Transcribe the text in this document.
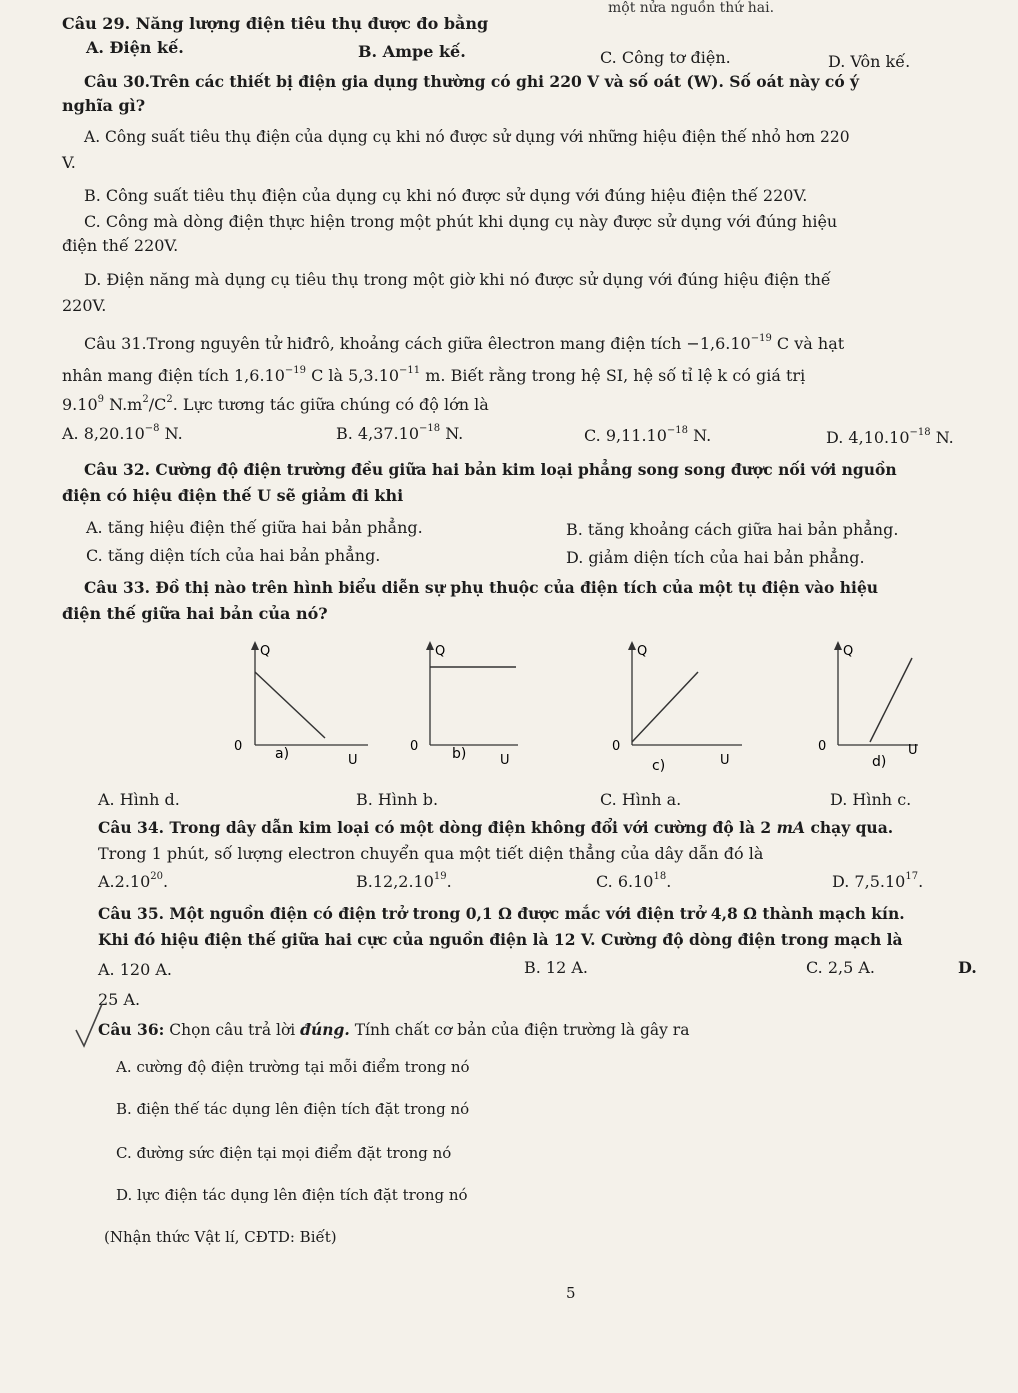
một nửa nguồn thứ hai.
Câu 29. Năng lượng điện tiêu thụ được đo bằng
A. Điện kế.	B. Ampe kế.	C. Công tơ điện.	D. Vôn kế.
Câu 30.Trên các thiết bị điện gia dụng thường có ghi 220 V và số oát (W). Số oát này có ý
nghĩa gì?
A. Công suất tiêu thụ điện của dụng cụ khi nó được sử dụng với những hiệu điện thế nhỏ hơn 220
V.
B. Công suất tiêu thụ điện của dụng cụ khi nó được sử dụng với đúng hiệu điện thế 220V.
C. Công mà dòng điện thực hiện trong một phút khi dụng cụ này được sử dụng với đúng hiệu
điện thế 220V.
D. Điện năng mà dụng cụ tiêu thụ trong một giờ khi nó được sử dụng với đúng hiệu điện thế
220V.
Câu 31.Trong nguyên tử hiđrô, khoảng cách giữa êlectron mang điện tích $-1,6.10^{-19}$ C và hạt
nhân mang điện tích $1,6.10^{-19}$ C là $5,3.10^{-11}$ m. Biết rằng trong hệ SI, hệ số tỉ lệ k có giá trị
9.10$^9$ $N.m^2/C^2$. Lực tương tác giữa chúng có độ lớn là
A. $8,20.10^{-8}$ N.	B. $4,37.10^{-18}$ N.	C. $9,11.10^{-18}$ N.	D. $4,10.10^{-18}$ N.
Câu 32. Cường độ điện trường đều giữa hai bản kim loại phẳng song song được nối với nguồn
điện có hiệu điện thế U sẽ giảm đi khi
A. tăng hiệu điện thế giữa hai bản phẳng.	B. tăng khoảng cách giữa hai bản phẳng.
C. tăng diện tích của hai bản phẳng.	D. giảm diện tích của hai bản phẳng.
Câu 33. Đồ thị nào trên hình biểu diễn sự phụ thuộc của điện tích của một tụ điện vào hiệu
điện thế giữa hai bản của nó?
Q
0
U
a)
Q
0
U
b)
Q
0
U
c)
Q
0	U
d)
A. Hình d.	B. Hình b.	C. Hình a.	D. Hình c.
Câu 34. Trong dây dẫn kim loại có một dòng điện không đổi với cường độ là 2 mA chạy qua.
Trong 1 phút, số lượng electron chuyển qua một tiết diện thẳng của dây dẫn đó là
A.2.10$^{20}$.	B.12,2.10$^{19}$.	C. 6.10$^{18}$.	D. 7,5.10$^{17}$.
Câu 35. Một nguồn điện có điện trở trong 0,1 Ω được mắc với điện trở 4,8 Ω thành mạch kín.
Khi đó hiệu điện thế giữa hai cực của nguồn điện là 12 V. Cường độ dòng điện trong mạch là
A. 120 A.	B. 12 A.	C. 2,5 A.	D.
25 A.
Câu 36: Chọn câu trả lời đúng. Tính chất cơ bản của điện trường là gây ra
A. cường độ điện trường tại mỗi điểm trong nó
B. điện thế tác dụng lên điện tích đặt trong nó
C. đường sức điện tại mọi điểm đặt trong nó
D. lực điện tác dụng lên điện tích đặt trong nó
(Nhận thức Vật lí, CĐTD: Biết)
5
